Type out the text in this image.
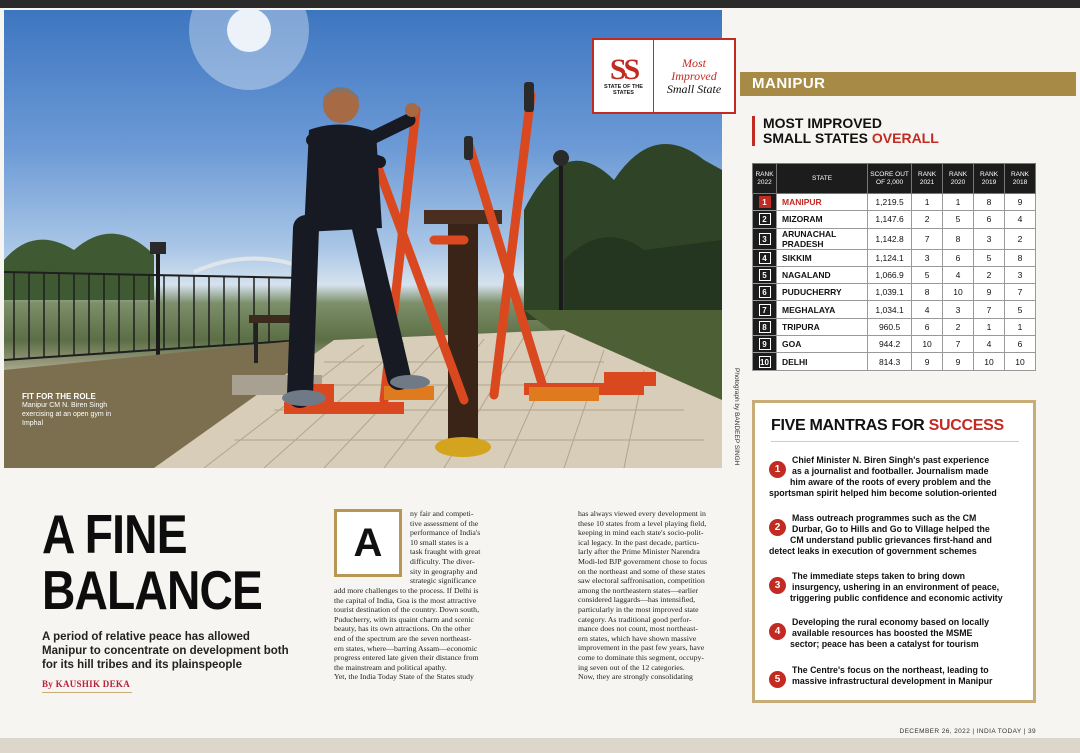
FIT FOR THE ROLE
Manipur CM N. Biren Singh exercising at an open gym in Imphal	Photograph by BANDEEP SINGH
SS
STATE OF THE STATES
Most
Improved
Small State	MANIPUR
MOST IMPROVED
SMALL STATES OVERALL
RANK 2022	STATE	SCORE OUT OF 2,000	RANK 2021	RANK 2020	RANK 2019	RANK 2018
1	MANIPUR	1,219.5	1	1	8	9
2	MIZORAM	1,147.6	2	5	6	4
3	ARUNACHAL PRADESH	1,142.8	7	8	3	2
4	SIKKIM	1,124.1	3	6	5	8
5	NAGALAND	1,066.9	5	4	2	3
6	PUDUCHERRY	1,039.1	8	10	9	7
7	MEGHALAYA	1,034.1	4	3	7	5
8	TRIPURA	960.5	6	2	1	1
9	GOA	944.2	10	7	4	6
10	DELHI	814.3	9	9	10	10
FIVE MANTRAS FOR SUCCESS
1
Chief Minister N. Biren Singh's past experience
as a journalist and footballer. Journalism made
him aware of the roots of every problem and the
sportsman spirit helped him become solution-oriented
2
Mass outreach programmes such as the CM
Durbar, Go to Hills and Go to Village helped the
CM understand public grievances first-hand and
detect leaks in execution of government schemes
3
The immediate steps taken to bring down
insurgency, ushering in an environment of peace,
triggering public confidence and economic activity
4
Developing the rural economy based on locally
available resources has boosted the MSME
sector; peace has been a catalyst for tourism
5
The Centre's focus on the northeast, leading to
massive infrastructural development in Manipur
A FINE
BALANCE
A period of relative peace has allowed Manipur to concentrate on development both for its hill tribes and its plainspeople
By KAUSHIK DEKA
A
ny fair and competi-
tive assessment of the
performance of India's
10 small states is a
task fraught with great
difficulty. The diver-
sity in geography and
strategic significance
add more challenges to the process. If Delhi is
the capital of India, Goa is the most attractive
tourist destination of the country. Down south,
Puducherry, with its quaint charm and scenic
beauty, has its own attractions. On the other
end of the spectrum are the seven northeast-
ern states, where—barring Assam—economic
progress entered late given their distance from
the mainstream and political apathy.
Yet, the India Today State of the States study
has always viewed every development in
these 10 states from a level playing field,
keeping in mind each state's socio-polit-
ical legacy. In the past decade, particu-
larly after the Prime Minister Narendra
Modi-led BJP government chose to focus
on the northeast and some of these states
saw electoral saffronisation, competition
among the northeastern states—earlier
considered laggards—has intensified,
particularly in the most improved state
category. As traditional good perfor-
mance does not count, most northeast-
ern states, which have shown massive
improvement in the past few years, have
come to dominate this segment, occupy-
ing seven out of the 12 categories.
Now, they are strongly consolidating
DECEMBER 26, 2022 | INDIA TODAY | 39
